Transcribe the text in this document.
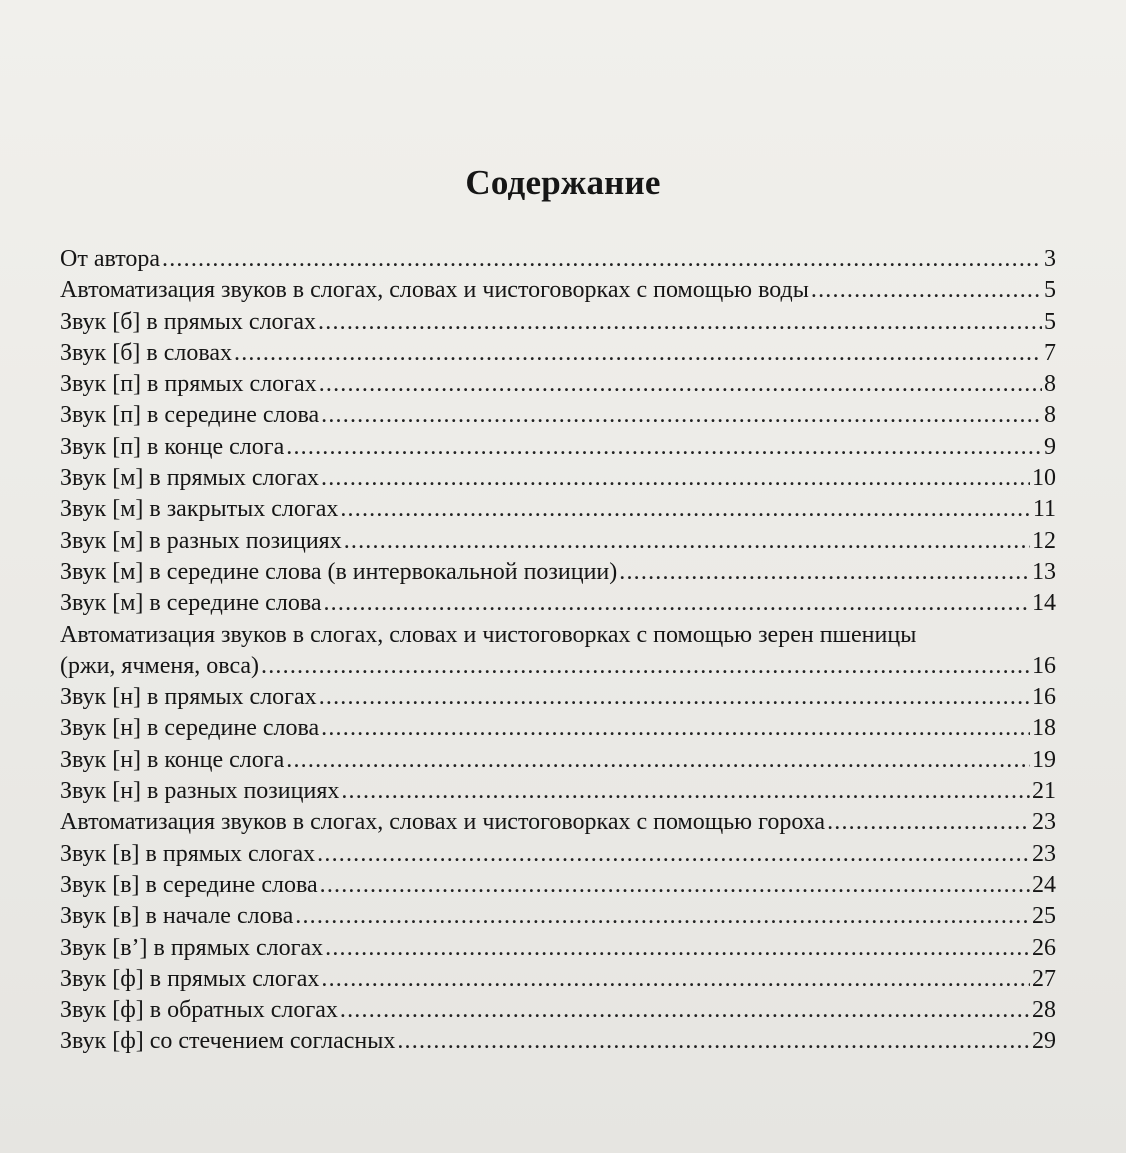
Содержание
От автора .....	3
Автоматизация звуков в слогах, словах и чистоговорках с помощью воды .....	5
Звук [б] в прямых слогах .....	5
Звук [б] в словах .....	7
Звук [п] в прямых слогах .....	8
Звук [п] в середине слова .....	8
Звук [п] в конце слога .....	9
Звук [м] в прямых слогах .....	10
Звук [м] в закрытых слогах .....	11
Звук [м] в разных позициях .....	12
Звук [м] в середине слова (в интервокальной позиции) .....	13
Звук [м] в середине слова .....	14
Автоматизация звуков в слогах, словах и чистоговорках с помощью зерен пшеницы
(ржи, ячменя, овса) .....	16
Звук [н] в прямых слогах .....	16
Звук [н] в середине слова .....	18
Звук [н] в конце слога .....	19
Звук [н] в разных позициях .....	21
Автоматизация звуков в слогах, словах и чистоговорках с помощью гороха .....	23
Звук [в] в прямых слогах .....	23
Звук [в] в середине слова .....	24
Звук [в] в начале слова .....	25
Звук [в’] в прямых слогах .....	26
Звук [ф] в прямых слогах .....	27
Звук [ф] в обратных слогах .....	28
Звук [ф] со стечением согласных .....	29
